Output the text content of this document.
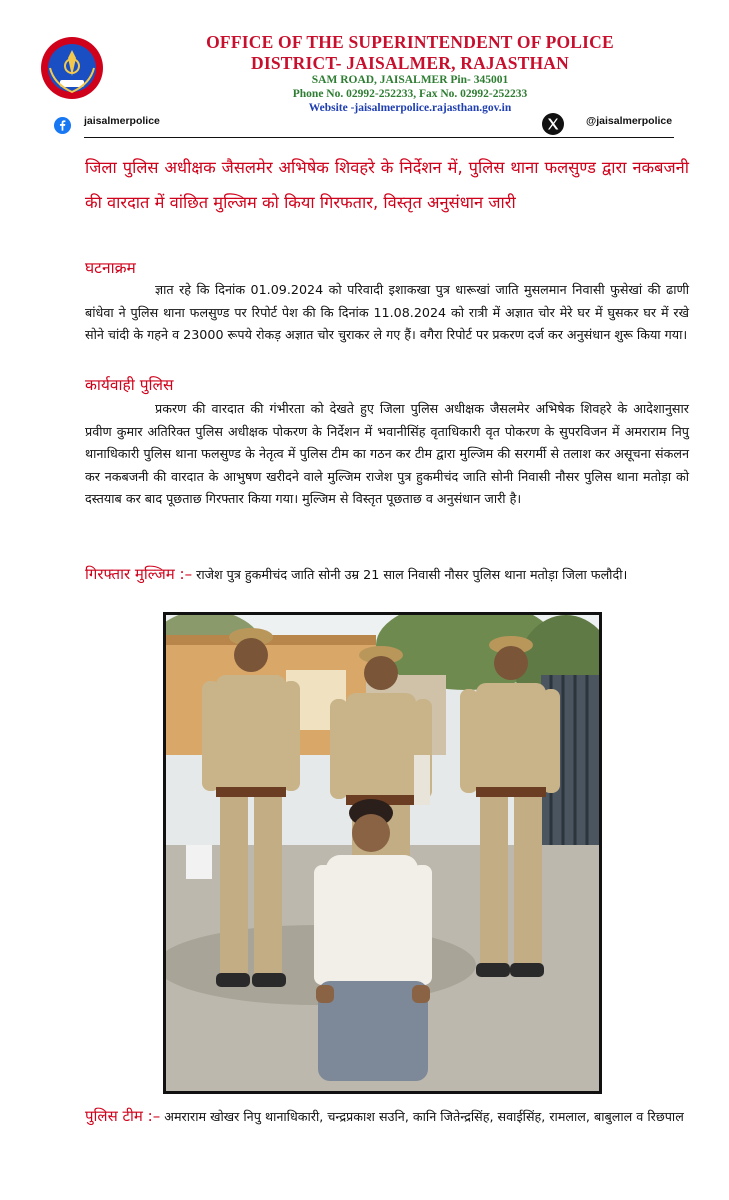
OFFICE OF THE SUPERINTENDENT OF POLICE

DISTRICT- JAISALMER, RAJASTHAN

SAM ROAD, JAISALMER Pin- 345001

Phone No. 02992-252233, Fax No. 02992-252233

Website -jaisalmerpolice.rajasthan.gov.in

jaisalmerpolice	@jaisalmerpolice

जिला पुलिस अधीक्षक जैसलमेर अभिषेक शिवहरे के निर्देशन में, पुलिस थाना फलसुण्ड द्वारा नकबजनी की वारदात में वांछित मुल्जिम को किया गिरफतार, विस्तृत अनुसंधान जारी

घटनाक्रम

ज्ञात रहे कि दिनांक 01.09.2024 को परिवादी इशाकखा पुत्र धारूखां जाति मुसलमान निवासी फुसेखां की ढाणी बांधेवा ने पुलिस थाना फलसुण्ड पर रिपोर्ट पेश की कि दिनांक 11.08.2024 को रात्री में अज्ञात चोर मेरे घर में घुसकर घर में रखे सोने चांदी के गहने व 23000 रूपये रोकड़ अज्ञात चोर चुराकर ले गए हैं। वगैरा रिपोर्ट पर प्रकरण दर्ज कर अनुसंधान शुरू किया गया।

कार्यवाही पुलिस

प्रकरण की वारदात की गंभीरता को देखते हुए जिला पुलिस अधीक्षक जैसलमेर अभिषेक शिवहरे के आदेशानुसार प्रवीण कुमार अतिरिक्त पुलिस अधीक्षक पोकरण के निर्देशन में भवानीसिंह वृताधिकारी वृत पोकरण के सुपरविजन में अमराराम निपु थानाधिकारी पुलिस थाना फलसुण्ड के नेतृत्व में पुलिस टीम का गठन कर टीम द्वारा मुल्जिम की सरगर्मी से तलाश कर असूचना संकलन कर नकबजनी की वारदात के आभुषण खरीदने वाले मुल्जिम राजेश पुत्र हुकमीचंद जाति सोनी निवासी नौसर पुलिस थाना मतोड़ा को दस्तयाब कर बाद पूछताछ गिरफ्तार किया गया। मुल्जिम से विस्तृत पूछताछ व अनुसंधान जारी है।

गिरफ्तार मुल्जिम :– राजेश पुत्र हुकमीचंद जाति सोनी उम्र 21 साल निवासी नौसर पुलिस थाना मतोड़ा जिला फलौदी।

पुलिस टीम :– अमराराम खोखर निपु थानाधिकारी, चन्द्रप्रकाश सउनि, कानि जितेन्द्रसिंह, सवाईसिंह, रामलाल, बाबुलाल व रिछपाल
